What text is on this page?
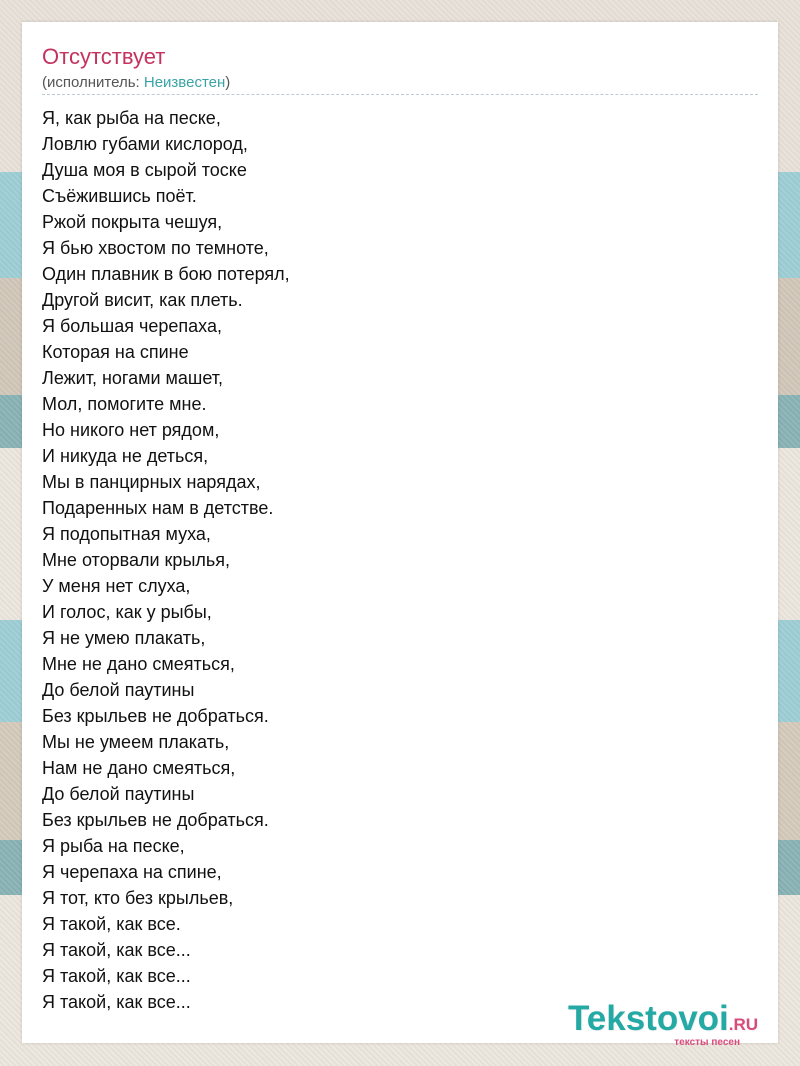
Отсутствует
(исполнитель: Неизвестен)
Я, как рыба на песке,
Ловлю губами кислород,
Душа моя в сырой тоске
Съёжившись поёт.
Ржой покрыта чешуя,
Я бью хвостом по темноте,
Один плавник в бою потерял,
Другой висит, как плеть.
Я большая черепаха,
Которая на спине
Лежит, ногами машет,
Мол, помогите мне.
Но никого нет рядом,
И никуда не деться,
Мы в панцирных нарядах,
Подаренных нам в детстве.
Я подопытная муха,
Мне оторвали крылья,
У меня нет слуха,
И голос, как у рыбы,
Я не умею плакать,
Мне не дано смеяться,
До белой паутины
Без крыльев не добраться.
Мы не умеем плакать,
Нам не дано смеяться,
До белой паутины
Без крыльев не добраться.
Я рыба на песке,
Я черепаха на спине,
Я тот, кто без крыльев,
Я такой, как все.
Я такой, как все...
Я такой, как все...
Я такой, как все...	Tekstovoi.RU
тексты песен
